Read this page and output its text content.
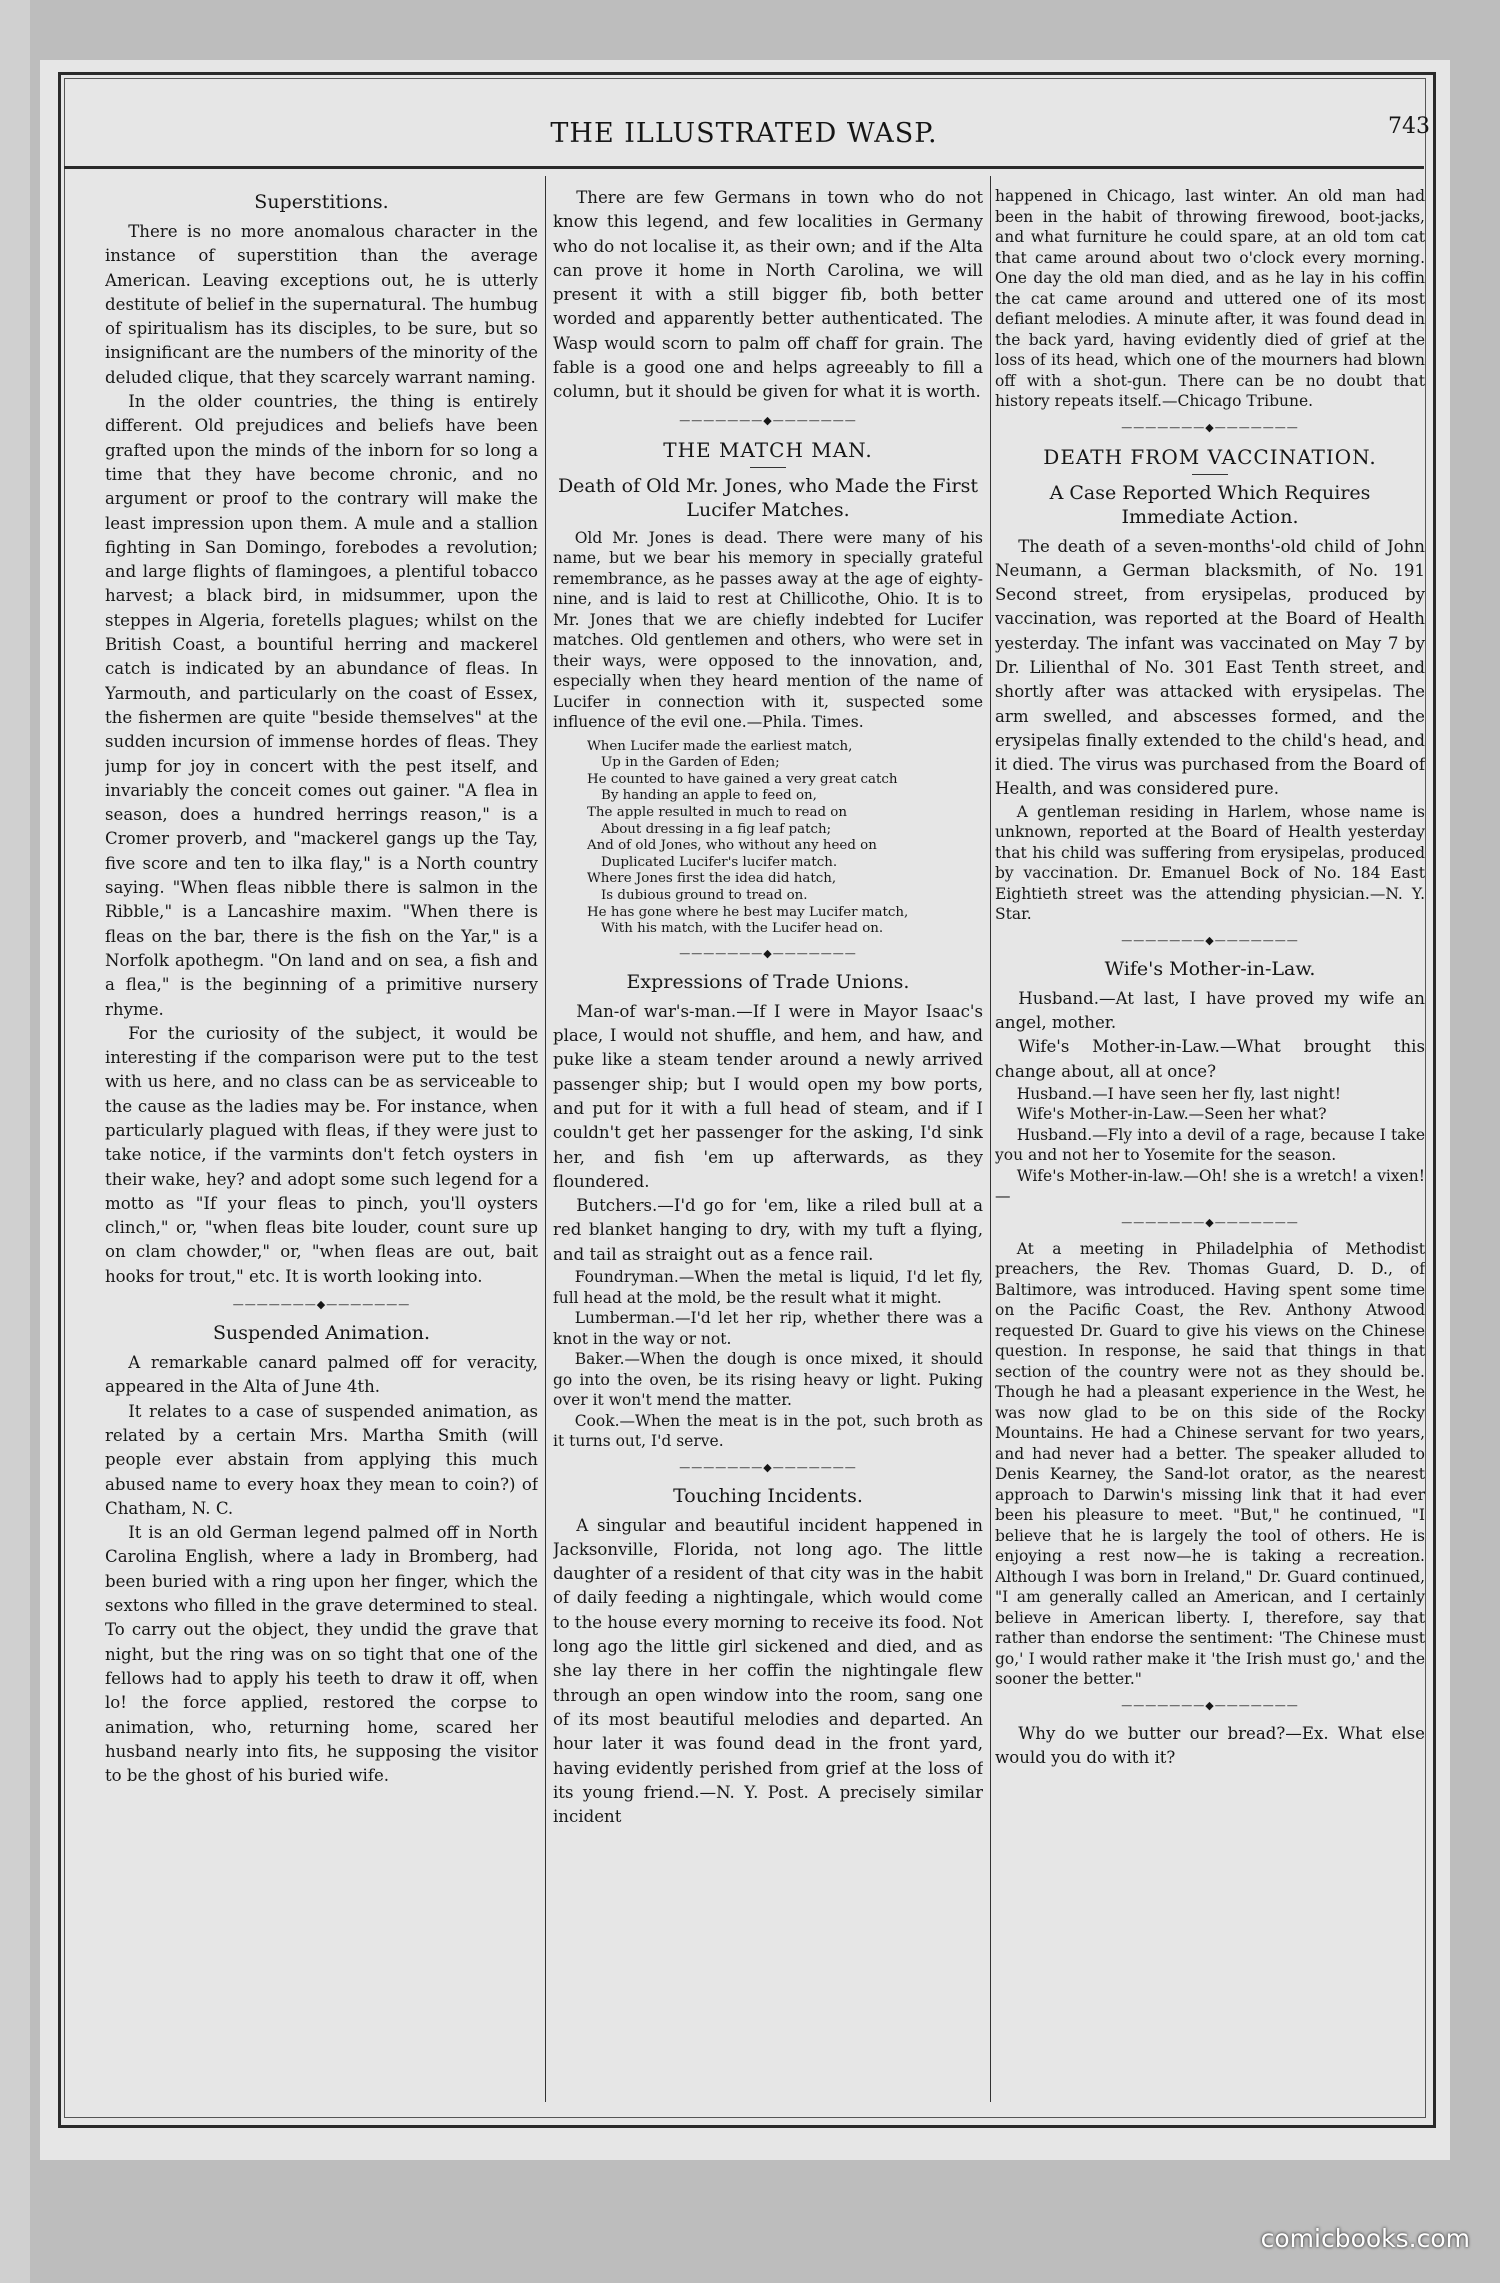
THE ILLUSTRATED WASP.	743
Superstitions.

There is no more anomalous character in the instance of superstition than the average American. Leaving exceptions out, he is utterly destitute of belief in the supernatural. The humbug of spiritualism has its disciples, to be sure, but so insignificant are the numbers of the minority of the deluded clique, that they scarcely warrant naming.

In the older countries, the thing is entirely different. Old prejudices and beliefs have been grafted upon the minds of the inborn for so long a time that they have become chronic, and no argument or proof to the contrary will make the least impression upon them. A mule and a stallion fighting in San Domingo, forebodes a revolution; and large flights of flamingoes, a plentiful tobacco harvest; a black bird, in midsummer, upon the steppes in Algeria, foretells plagues; whilst on the British Coast, a bountiful herring and mackerel catch is indicated by an abundance of fleas. In Yarmouth, and particularly on the coast of Essex, the fishermen are quite "beside themselves" at the sudden incursion of immense hordes of fleas. They jump for joy in concert with the pest itself, and invariably the conceit comes out gainer. "A flea in season, does a hundred herrings reason," is a Cromer proverb, and "mackerel gangs up the Tay, five score and ten to ilka flay," is a North country saying. "When fleas nibble there is salmon in the Ribble," is a Lancashire maxim. "When there is fleas on the bar, there is the fish on the Yar," is a Norfolk apothegm. "On land and on sea, a fish and a flea," is the beginning of a primitive nursery rhyme.

For the curiosity of the subject, it would be interesting if the comparison were put to the test with us here, and no class can be as serviceable to the cause as the ladies may be. For instance, when particularly plagued with fleas, if they were just to take notice, if the varmints don't fetch oysters in their wake, hey? and adopt some such legend for a motto as "If your fleas to pinch, you'll oysters clinch," or, "when fleas bite louder, count sure up on clam chowder," or, "when fleas are out, bait hooks for trout," etc. It is worth looking into.

———————◆———————
Suspended Animation.

A remarkable canard palmed off for veracity, appeared in the Alta of June 4th.

It relates to a case of suspended animation, as related by a certain Mrs. Martha Smith (will people ever abstain from applying this much abused name to every hoax they mean to coin?) of Chatham, N. C.

It is an old German legend palmed off in North Carolina English, where a lady in Bromberg, had been buried with a ring upon her finger, which the sextons who filled in the grave determined to steal. To carry out the object, they undid the grave that night, but the ring was on so tight that one of the fellows had to apply his teeth to draw it off, when lo! the force applied, restored the corpse to animation, who, returning home, scared her husband nearly into fits, he supposing the visitor to be the ghost of his buried wife.

There are few Germans in town who do not know this legend, and few localities in Germany who do not localise it, as their own; and if the Alta can prove it home in North Carolina, we will present it with a still bigger fib, both better worded and apparently better authenticated. The Wasp would scorn to palm off chaff for grain. The fable is a good one and helps agreeably to fill a column, but it should be given for what it is worth.

———————◆———————
THE MATCH MAN.
Death of Old Mr. Jones, who Made the First Lucifer Matches.

Old Mr. Jones is dead. There were many of his name, but we bear his memory in specially grateful remembrance, as he passes away at the age of eighty-nine, and is laid to rest at Chillicothe, Ohio. It is to Mr. Jones that we are chiefly indebted for Lucifer matches. Old gentlemen and others, who were set in their ways, were opposed to the innovation, and, especially when they heard mention of the name of Lucifer in connection with it, suspected some influence of the evil one.—Phila. Times.

When Lucifer made the earliest match,
Up in the Garden of Eden;
He counted to have gained a very great catch
By handing an apple to feed on,
The apple resulted in much to read on
About dressing in a fig leaf patch;
And of old Jones, who without any heed on
Duplicated Lucifer's lucifer match.
Where Jones first the idea did hatch,
Is dubious ground to tread on.
He has gone where he best may Lucifer match,
With his match, with the Lucifer head on.
———————◆———————
Expressions of Trade Unions.

Man-of war's-man.—If I were in Mayor Isaac's place, I would not shuffle, and hem, and haw, and puke like a steam tender around a newly arrived passenger ship; but I would open my bow ports, and put for it with a full head of steam, and if I couldn't get her passenger for the asking, I'd sink her, and fish 'em up afterwards, as they floundered.

Butchers.—I'd go for 'em, like a riled bull at a red blanket hanging to dry, with my tuft a flying, and tail as straight out as a fence rail.

Foundryman.—When the metal is liquid, I'd let fly, full head at the mold, be the result what it might.

Lumberman.—I'd let her rip, whether there was a knot in the way or not.

Baker.—When the dough is once mixed, it should go into the oven, be its rising heavy or light. Puking over it won't mend the matter.

Cook.—When the meat is in the pot, such broth as it turns out, I'd serve.

———————◆———————
Touching Incidents.

A singular and beautiful incident happened in Jacksonville, Florida, not long ago. The little daughter of a resident of that city was in the habit of daily feeding a nightingale, which would come to the house every morning to receive its food. Not long ago the little girl sickened and died, and as she lay there in her coffin the nightingale flew through an open window into the room, sang one of its most beautiful melodies and departed. An hour later it was found dead in the front yard, having evidently perished from grief at the loss of its young friend.—N. Y. Post. A precisely similar incident

happened in Chicago, last winter. An old man had been in the habit of throwing firewood, boot-jacks, and what furniture he could spare, at an old tom cat that came around about two o'clock every morning. One day the old man died, and as he lay in his coffin the cat came around and uttered one of its most defiant melodies. A minute after, it was found dead in the back yard, having evidently died of grief at the loss of its head, which one of the mourners had blown off with a shot-gun. There can be no doubt that history repeats itself.—Chicago Tribune.

———————◆———————
DEATH FROM VACCINATION.
A Case Reported Which Requires Immediate Action.

The death of a seven-months'-old child of John Neumann, a German blacksmith, of No. 191 Second street, from erysipelas, produced by vaccination, was reported at the Board of Health yesterday. The infant was vaccinated on May 7 by Dr. Lilienthal of No. 301 East Tenth street, and shortly after was attacked with erysipelas. The arm swelled, and abscesses formed, and the erysipelas finally extended to the child's head, and it died. The virus was purchased from the Board of Health, and was considered pure.

A gentleman residing in Harlem, whose name is unknown, reported at the Board of Health yesterday that his child was suffering from erysipelas, produced by vaccination. Dr. Emanuel Bock of No. 184 East Eightieth street was the attending physician.—N. Y. Star.

———————◆———————
Wife's Mother-in-Law.

Husband.—At last, I have proved my wife an angel, mother.

Wife's Mother-in-Law.—What brought this change about, all at once?

Husband.—I have seen her fly, last night!

Wife's Mother-in-Law.—Seen her what?

Husband.—Fly into a devil of a rage, because I take you and not her to Yosemite for the season.

Wife's Mother-in-law.—Oh! she is a wretch! a vixen!—

———————◆———————

At a meeting in Philadelphia of Methodist preachers, the Rev. Thomas Guard, D. D., of Baltimore, was introduced. Having spent some time on the Pacific Coast, the Rev. Anthony Atwood requested Dr. Guard to give his views on the Chinese question. In response, he said that things in that section of the country were not as they should be. Though he had a pleasant experience in the West, he was now glad to be on this side of the Rocky Mountains. He had a Chinese servant for two years, and had never had a better. The speaker alluded to Denis Kearney, the Sand-lot orator, as the nearest approach to Darwin's missing link that it had ever been his pleasure to meet. "But," he continued, "I believe that he is largely the tool of others. He is enjoying a rest now—he is taking a recreation. Although I was born in Ireland," Dr. Guard continued, "I am generally called an American, and I certainly believe in American liberty. I, therefore, say that rather than endorse the sentiment: 'The Chinese must go,' I would rather make it 'the Irish must go,' and the sooner the better."

———————◆———————

Why do we butter our bread?—Ex. What else would you do with it?

comicbooks.com
